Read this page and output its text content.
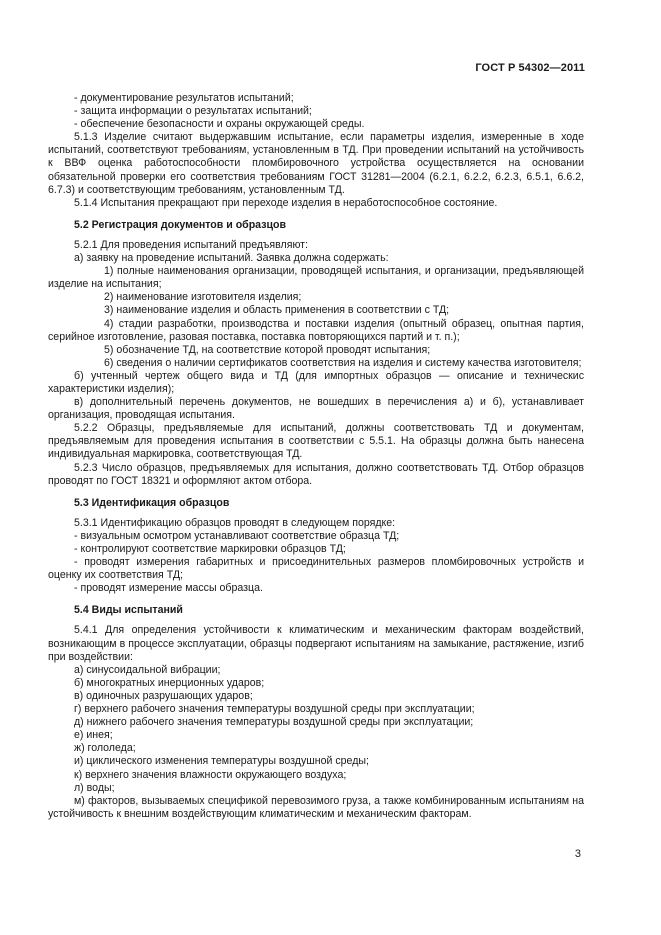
ГОСТ Р 54302—2011

- документирование результатов испытаний;

- защита информации о результатах испытаний;

- обеспечение безопасности и охраны окружающей среды.

5.1.3 Изделие считают выдержавшим испытание, если параметры изделия, измеренные в ходе испытаний, соответствуют требованиям, установленным в ТД. При проведении испытаний на устойчивость к ВВФ оценка работоспособности пломбировочного устройства осуществляется на основании обязательной проверки его соответствия требованиям ГОСТ 31281—2004 (6.2.1, 6.2.2, 6.2.3, 6.5.1, 6.6.2, 6.7.3) и соответствующим требованиям, установленным ТД.

5.1.4 Испытания прекращают при переходе изделия в неработоспособное состояние.

5.2 Регистрация документов и образцов

5.2.1 Для проведения испытаний предъявляют:

а) заявку на проведение испытаний. Заявка должна содержать:

1) полные наименования организации, проводящей испытания, и организации, предъявляющей изделие на испытания;

2) наименование изготовителя изделия;

3) наименование изделия и область применения в соответствии с ТД;

4) стадии разработки, производства и поставки изделия (опытный образец, опытная партия, серийное изготовление, разовая поставка, поставка повторяющихся партий и т. п.);

5) обозначение ТД, на соответствие которой проводят испытания;

6) сведения о наличии сертификатов соответствия на изделия и систему качества изготовителя;

б) учтенный чертеж общего вида и ТД (для импортных образцов — описание и техническис характеристики изделия);

в) дополнительный перечень документов, не вошедших в перечисления а) и б), устанавливает организация, проводящая испытания.

5.2.2 Образцы, предъявляемые для испытаний, должны соответствовать ТД и документам, предъявляемым для проведения испытания в соответствии с 5.5.1. На образцы должна быть нанесена индивидуальная маркировка, соответствующая ТД.

5.2.3 Число образцов, предъявляемых для испытания, должно соответствовать ТД. Отбор образцов проводят по ГОСТ 18321 и оформляют актом отбора.

5.3 Идентификация образцов

5.3.1 Идентификацию образцов проводят в следующем порядке:

- визуальным осмотром устанавливают соответствие образца ТД;

- контролируют соответствие маркировки образцов ТД;

- проводят измерения габаритных и присоединительных размеров пломбировочных устройств и оценку их соответствия ТД;

- проводят измерение массы образца.

5.4 Виды испытаний

5.4.1 Для определения устойчивости к климатическим и механическим факторам воздействий, возникающим в процессе эксплуатации, образцы подвергают испытаниям на замыкание, растяжение, изгиб при воздействии:

а) синусоидальной вибрации;

б) многократных инерционных ударов;

в) одиночных разрушающих ударов;

г) верхнего рабочего значения температуры воздушной среды при эксплуатации;

д) нижнего рабочего значения температуры воздушной среды при эксплуатации;

е) инея;

ж) гололеда;

и) циклического изменения температуры воздушной среды;

к) верхнего значения влажности окружающего воздуха;

л) воды;

м) факторов, вызываемых спецификой перевозимого груза, а также комбинированным испытаниям на устойчивость к внешним воздействующим климатическим и механическим факторам.

3
